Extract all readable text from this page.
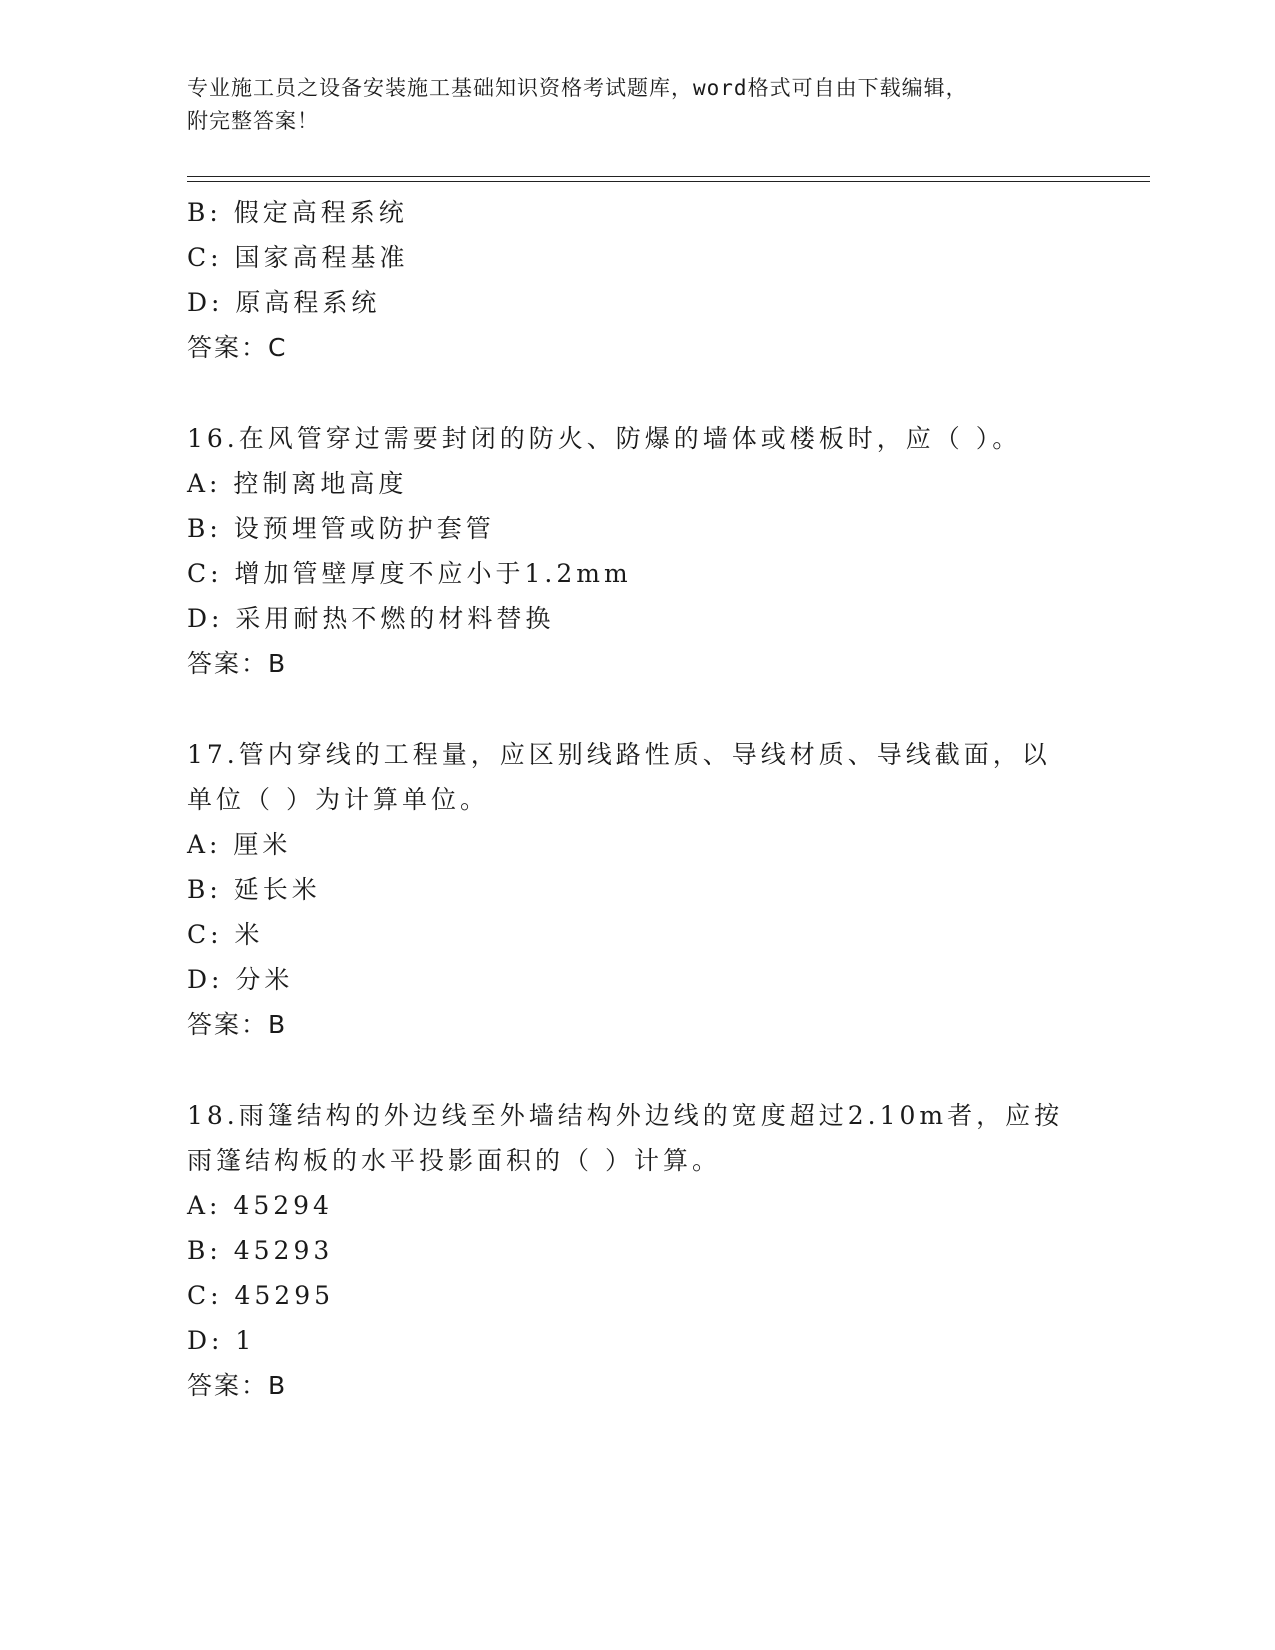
专业施工员之设备安装施工基础知识资格考试题库，word格式可自由下载编辑，
附完整答案！
B: 假定高程系统
C: 国家高程基准
D: 原高程系统
答案：C
16.在风管穿过需要封闭的防火、防爆的墙体或楼板时，应（ ）。
A: 控制离地高度
B: 设预埋管或防护套管
C: 增加管壁厚度不应小于1.2mm
D: 采用耐热不燃的材料替换
答案：B
17.管内穿线的工程量，应区别线路性质、导线材质、导线截面，以单位（ ）为计算单位。
A: 厘米
B: 延长米
C: 米
D: 分米
答案：B
18.雨篷结构的外边线至外墙结构外边线的宽度超过2.10m者，应按雨篷结构板的水平投影面积的（ ）计算。
A: 45294
B: 45293
C: 45295
D: 1
答案：B
